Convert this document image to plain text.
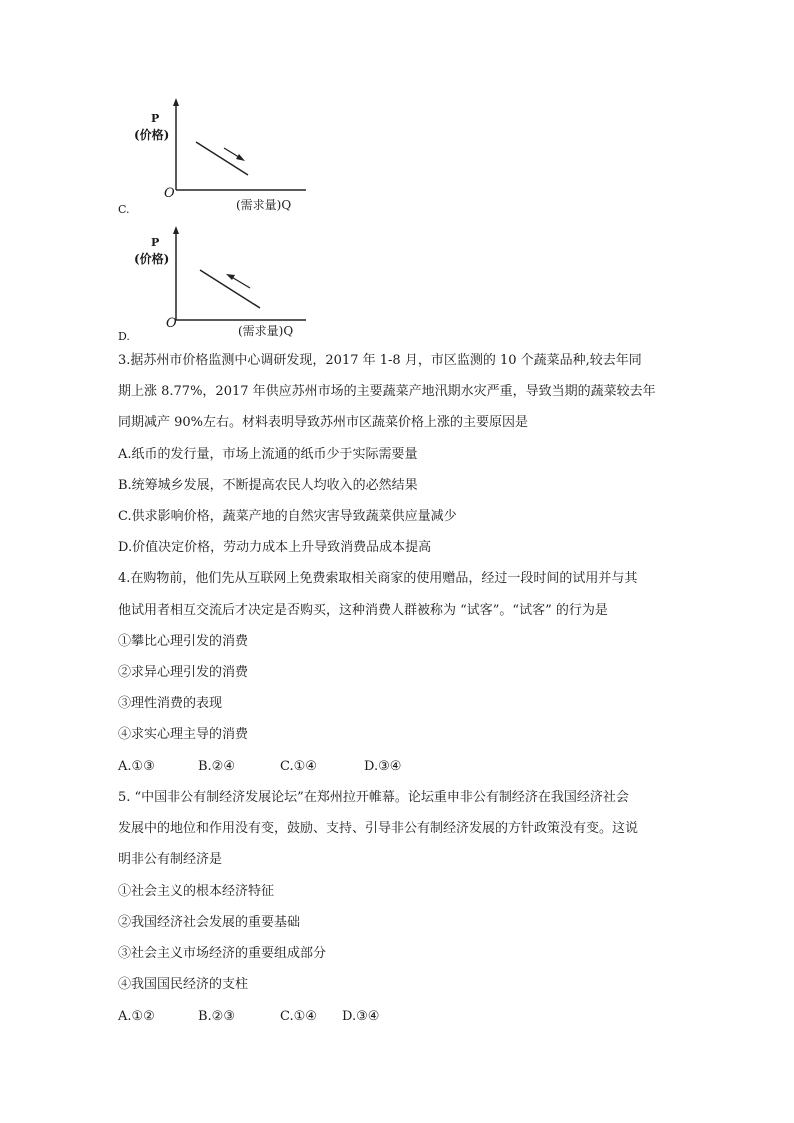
P
(价格)
O
(需求量)Q
C.
P
(价格)
O	(需求量)Q
D.
3.据苏州市价格监测中心调研发现，2017 年 1-8 月，市区监测的 10 个蔬菜品种,较去年同
期上涨 8.77%，2017 年供应苏州市场的主要蔬菜产地汛期水灾严重，导致当期的蔬菜较去年
同期减产 90%左右。材料表明导致苏州市区蔬菜价格上涨的主要原因是
A.纸币的发行量，市场上流通的纸币少于实际需要量
B.统筹城乡发展，不断提高农民人均收入的必然结果
C.供求影响价格，蔬菜产地的自然灾害导致蔬菜供应量减少
D.价值决定价格，劳动力成本上升导致消费品成本提高
4.在购物前，他们先从互联网上免费索取相关商家的使用赠品，经过一段时间的试用并与其
他试用者相互交流后才决定是否购买，这种消费人群被称为 “试客”。“试客” 的行为是
①攀比心理引发的消费
②求异心理引发的消费
③理性消费的表现
④求实心理主导的消费
A.①③	B.②④	C.①④	D.③④
5. “中国非公有制经济发展论坛”在郑州拉开帷幕。论坛重申非公有制经济在我国经济社会
发展中的地位和作用没有变，鼓励、支持、引导非公有制经济发展的方针政策没有变。这说
明非公有制经济是
①社会主义的根本经济特征
②我国经济社会发展的重要基础
③社会主义市场经济的重要组成部分
④我国国民经济的支柱
A.①②	B.②③	C.①④ D.③④
